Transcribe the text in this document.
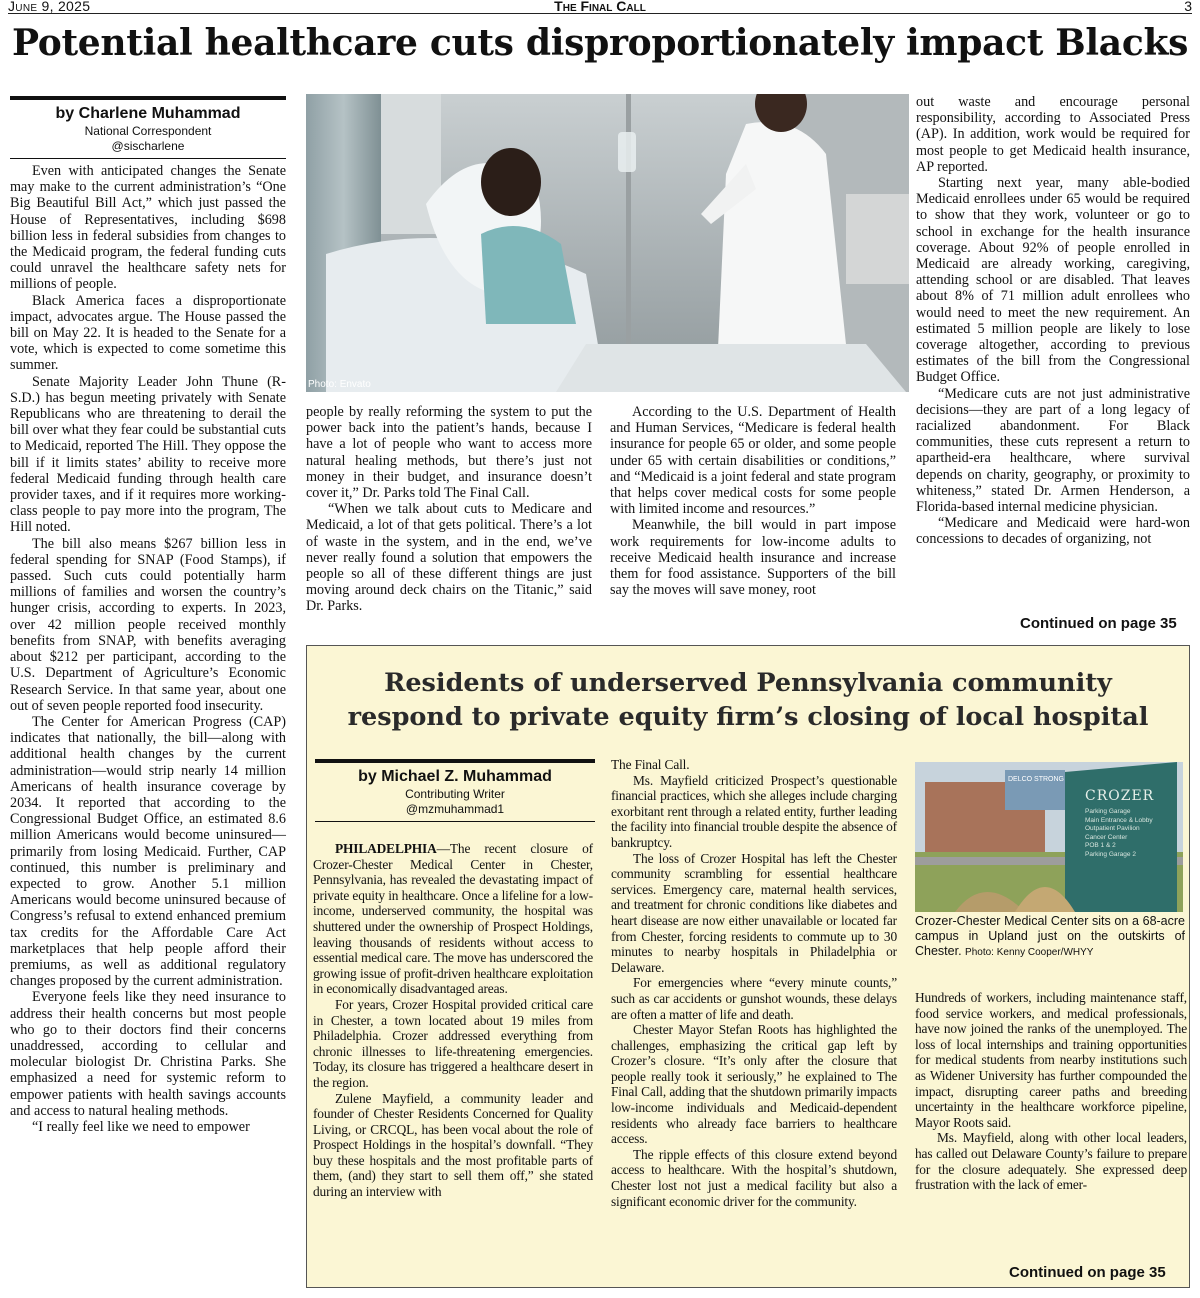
June 9, 2025	The Final Call	3
Potential healthcare cuts disproportionately impact Blacks
by Charlene Muhammad
National Correspondent
@sischarlene

Even with anticipated changes the Senate may make to the current administration’s “One Big Beautiful Bill Act,” which just passed the House of Representatives, including $698 billion less in federal subsidies from changes to the Medicaid program, the federal funding cuts could unravel the healthcare safety nets for millions of people.

Black America faces a disproportionate impact, advocates argue. The House passed the bill on May 22. It is headed to the Senate for a vote, which is expected to come sometime this summer.

Senate Majority Leader John Thune (R-S.D.) has begun meeting privately with Senate Republicans who are threatening to derail the bill over what they fear could be substantial cuts to Medicaid, reported The Hill. They oppose the bill if it limits states’ ability to receive more federal Medicaid funding through health care provider taxes, and if it requires more working-class people to pay more into the program, The Hill noted.

The bill also means $267 billion less in federal spending for SNAP (Food Stamps), if passed. Such cuts could potentially harm millions of families and worsen the country’s hunger crisis, according to experts. In 2023, over 42 million people received monthly benefits from SNAP, with benefits averaging about $212 per participant, according to the U.S. Department of Agriculture’s Economic Research Service. In that same year, about one out of seven people reported food insecurity.

The Center for American Progress (CAP) indicates that nationally, the bill—along with additional health changes by the current administration—would strip nearly 14 million Americans of health insurance coverage by 2034. It reported that according to the Congressional Budget Office, an estimated 8.6 million Americans would become uninsured—primarily from losing Medicaid. Further, CAP continued, this number is preliminary and expected to grow. Another 5.1 million Americans would become uninsured because of Congress’s refusal to extend enhanced premium tax credits for the Affordable Care Act marketplaces that help people afford their premiums, as well as additional regulatory changes proposed by the current administration.

Everyone feels like they need insurance to address their health concerns but most people who go to their doctors find their concerns unaddressed, according to cellular and molecular biologist Dr. Christina Parks. She emphasized a need for systemic reform to empower patients with health savings accounts and access to natural healing methods.

“I really feel like we need to empower

Photo: Envato

people by really reforming the system to put the power back into the patient’s hands, because I have a lot of people who want to access more natural healing methods, but there’s just not money in their budget, and insurance doesn’t cover it,” Dr. Parks told The Final Call.

“When we talk about cuts to Medicare and Medicaid, a lot of that gets political. There’s a lot of waste in the system, and in the end, we’ve never really found a solution that empowers the people so all of these different things are just moving around deck chairs on the Titanic,” said Dr. Parks.

According to the U.S. Department of Health and Human Services, “Medicare is federal health insurance for people 65 or older, and some people under 65 with certain disabilities or conditions,” and “Medicaid is a joint federal and state program that helps cover medical costs for some people with limited income and resources.”

Meanwhile, the bill would in part impose work requirements for low-income adults to receive Medicaid health insurance and increase them for food assistance. Supporters of the bill say the moves will save money, root

out waste and encourage personal responsibility, according to Associated Press (AP). In addition, work would be required for most people to get Medicaid health insurance, AP reported.

Starting next year, many able-bodied Medicaid enrollees under 65 would be required to show that they work, volunteer or go to school in exchange for the health insurance coverage. About 92% of people enrolled in Medicaid are already working, caregiving, attending school or are disabled. That leaves about 8% of 71 million adult enrollees who would need to meet the new requirement. An estimated 5 million people are likely to lose coverage altogether, according to previous estimates of the bill from the Congressional Budget Office.

“Medicare cuts are not just administrative decisions—they are part of a long legacy of racialized abandonment. For Black communities, these cuts represent a return to apartheid-era healthcare, where survival depends on charity, geography, or proximity to whiteness,” stated Dr. Armen Henderson, a Florida-based internal medicine physician.

“Medicare and Medicaid were hard-won concessions to decades of organizing, not

Continued on page 35
Residents of underserved Pennsylvania community
respond to private equity firm’s closing of local hospital
by Michael Z. Muhammad
Contributing Writer
@mzmuhammad1

PHILADELPHIA—The recent closure of Crozer-Chester Medical Center in Chester, Pennsylvania, has revealed the devastating impact of private equity in healthcare. Once a lifeline for a low-income, underserved community, the hospital was shuttered under the ownership of Prospect Holdings, leaving thousands of residents without access to essential medical care. The move has underscored the growing issue of profit-driven healthcare exploitation in economically disadvantaged areas.

For years, Crozer Hospital provided critical care in Chester, a town located about 19 miles from Philadelphia. Crozer addressed everything from chronic illnesses to life-threatening emergencies. Today, its closure has triggered a healthcare desert in the region.

Zulene Mayfield, a community leader and founder of Chester Residents Concerned for Quality Living, or CRCQL, has been vocal about the role of Prospect Holdings in the hospital’s downfall. “They buy these hospitals and the most profitable parts of them, (and) they start to sell them off,” she stated during an interview with

The Final Call.

Ms. Mayfield criticized Prospect’s questionable financial practices, which she alleges include charging exorbitant rent through a related entity, further leading the facility into financial trouble despite the absence of bankruptcy.

The loss of Crozer Hospital has left the Chester community scrambling for essential healthcare services. Emergency care, maternal health services, and treatment for chronic conditions like diabetes and heart disease are now either unavailable or located far from Chester, forcing residents to commute up to 30 minutes to nearby hospitals in Philadelphia or Delaware.

For emergencies where “every minute counts,” such as car accidents or gunshot wounds, these delays are often a matter of life and death.

Chester Mayor Stefan Roots has highlighted the challenges, emphasizing the critical gap left by Crozer’s closure. “It’s only after the closure that people really took it seriously,” he explained to The Final Call, adding that the shutdown primarily impacts low-income individuals and Medicaid-dependent residents who already face barriers to healthcare access.

The ripple effects of this closure extend beyond access to healthcare. With the hospital’s shutdown, Chester lost not just a medical facility but also a significant economic driver for the community.

CROZER
DELCO STRONG
Parking Garage
Main Entrance & Lobby
Outpatient Pavilion
Cancer Center
POB 1 & 2
Parking Garage 2
Crozer-Chester Medical Center sits on a 68-acre campus in Upland just on the outskirts of Chester. Photo: Kenny Cooper/WHYY

Hundreds of workers, including maintenance staff, food service workers, and medical professionals, have now joined the ranks of the unemployed. The loss of local internships and training opportunities for medical students from nearby institutions such as Widener University has further compounded the impact, disrupting career paths and breeding uncertainty in the healthcare workforce pipeline, Mayor Roots said.

Ms. Mayfield, along with other local leaders, has called out Delaware County’s failure to prepare for the closure adequately. She expressed deep frustration with the lack of emer-

Continued on page 35
